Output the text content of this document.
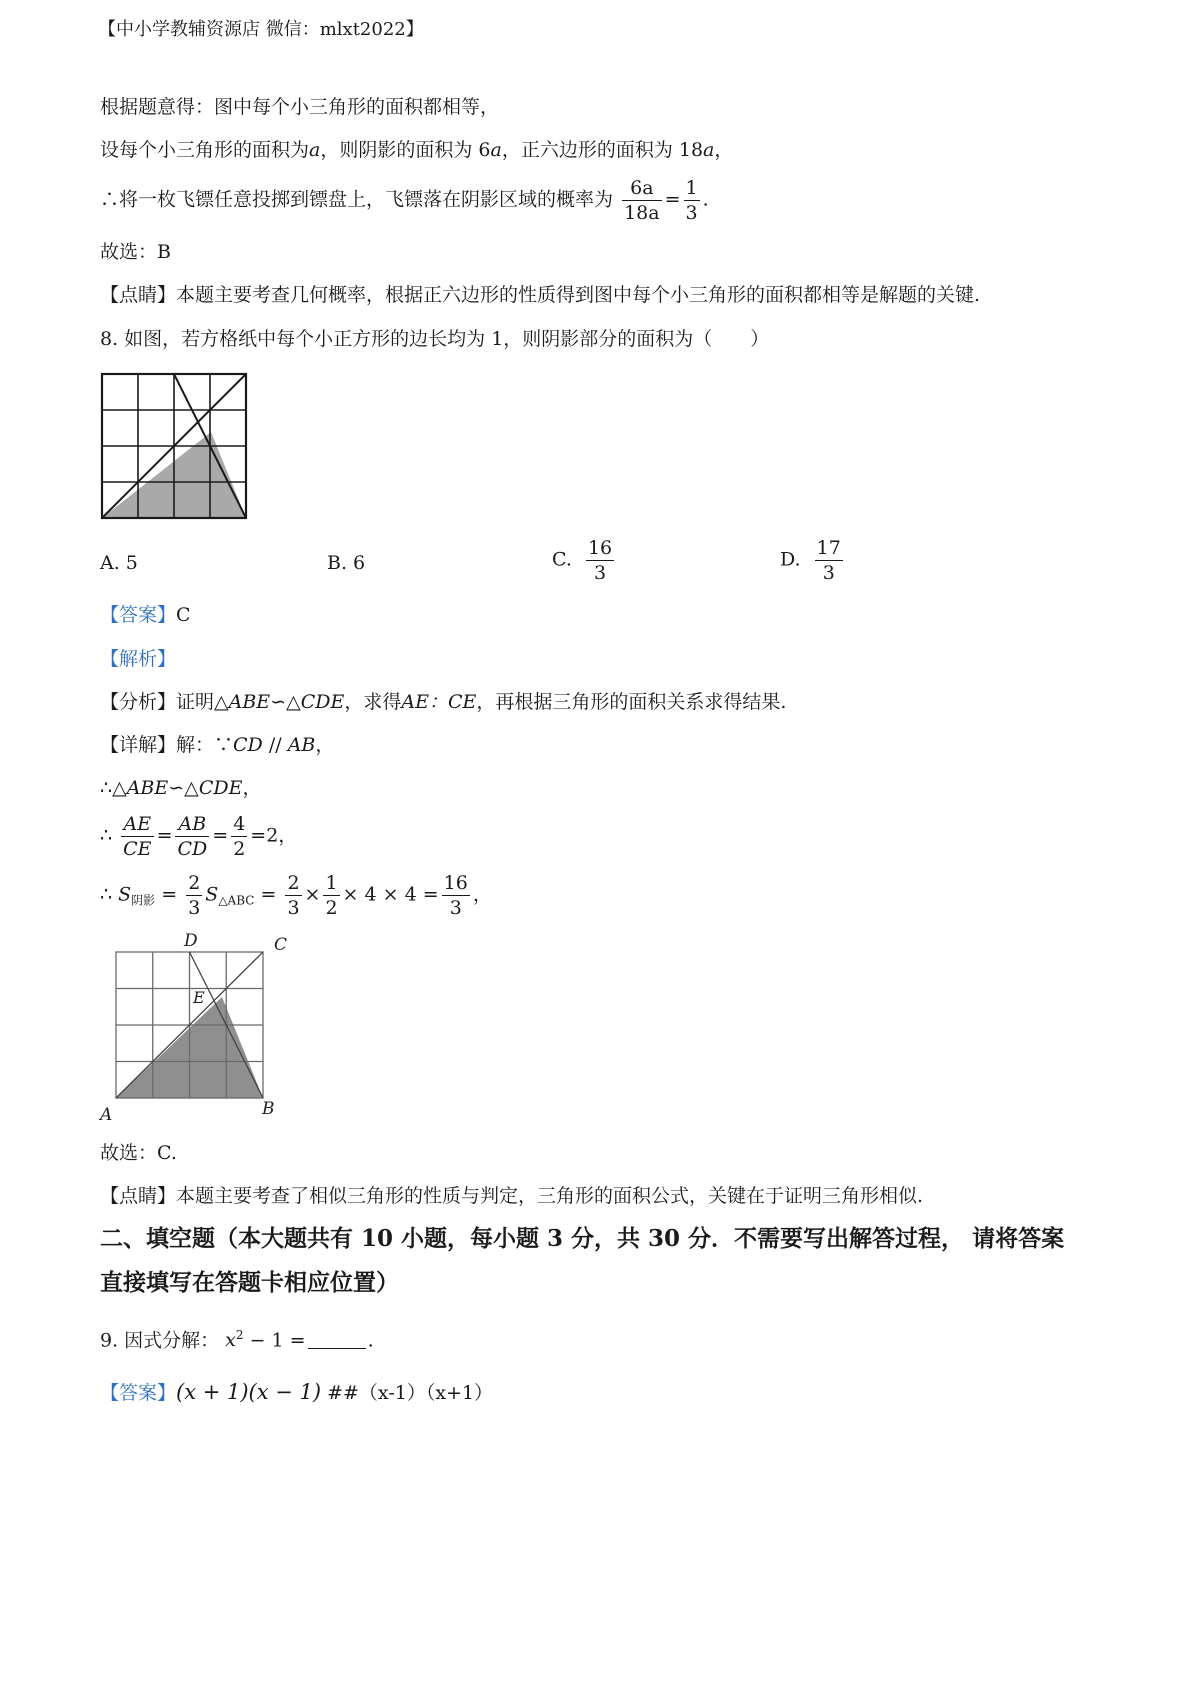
【中小学教辅资源店 微信：mlxt2022】
根据题意得：图中每个小三角形的面积都相等，
设每个小三角形的面积为a，则阴影的面积为 6a，正六边形的面积为 18a，
∴将一枚飞镖任意投掷到镖盘上，飞镖落在阴影区域的概率为 $\frac{6a}{18a} = \frac{1}{3}$ .
故选：B
【点睛】本题主要考查几何概率，根据正六边形的性质得到图中每个小三角形的面积都相等是解题的关键.
8. 如图，若方格纸中每个小正方形的边长均为 1，则阴影部分的面积为（　　）
A. 5	B. 6	C. $\frac{16}{3}$	D. $\frac{17}{3}$
【答案】C
【解析】
【分析】证明△ABE∽△CDE，求得AE：CE，再根据三角形的面积关系求得结果.
【详解】解：∵CD // AB，
∴△ABE∽△CDE，
∴ $\frac{AE}{CE} = \frac{AB}{CD} = \frac{4}{2} =2$，
∴ $S_{阴影} = \frac{2}{3} S_{\triangle ABC} = \frac{2}{3} \times \frac{1}{2} \times 4 \times 4 = \frac{16}{3}$ ，
D	C
E
A	B
故选：C.
【点睛】本题主要考查了相似三角形的性质与判定，三角形的面积公式，关键在于证明三角形相似.
二、填空题（本大题共有 10 小题，每小题 3 分，共 30 分．不需要写出解答过程， 请将答案
直接填写在答题卡相应位置）
9. 因式分解： $x^2 - 1$ =	.
【答案】(x + 1)(x − 1) ##（x-1）（x+1）
